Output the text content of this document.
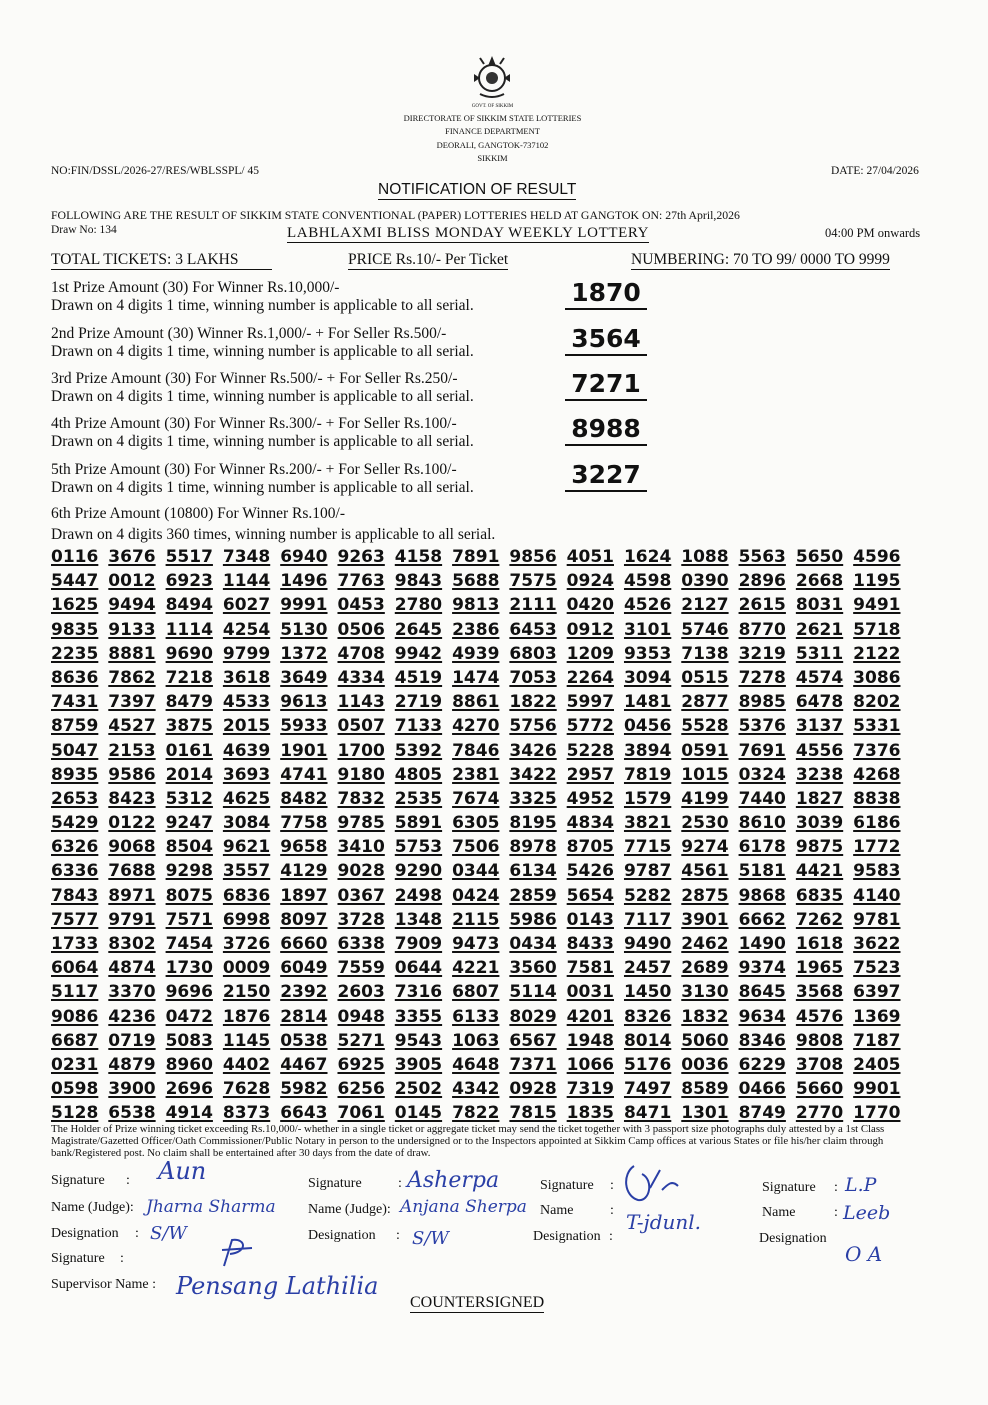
GOVT. OF SIKKIM
DIRECTORATE OF SIKKIM STATE LOTTERIES
FINANCE DEPARTMENT
DEORALI, GANGTOK-737102
SIKKIM
NO:FIN/DSSL/2026-27/RES/WBLSSPL/ 45	DATE: 27/04/2026
NOTIFICATION OF RESULT
FOLLOWING ARE THE RESULT OF SIKKIM STATE CONVENTIONAL (PAPER) LOTTERIES HELD AT GANGTOK ON: 27th April,2026
Draw No: 134	LABHLAXMI BLISS MONDAY WEEKLY LOTTERY	04:00 PM onwards
TOTAL TICKETS: 3 LAKHS	PRICE Rs.10/- Per Ticket	NUMBERING: 70 TO 99/ 0000 TO 9999
1st Prize Amount (30) For Winner Rs.10,000/-
Drawn on 4 digits 1 time, winning number is applicable to all serial.	1870
2nd Prize Amount (30) Winner Rs.1,000/- + For Seller Rs.500/-
Drawn on 4 digits 1 time, winning number is applicable to all serial.	3564
3rd Prize Amount (30) For Winner Rs.500/- + For Seller Rs.250/-
Drawn on 4 digits 1 time, winning number is applicable to all serial.	7271
4th Prize Amount (30) For Winner Rs.300/- + For Seller Rs.100/-
Drawn on 4 digits 1 time, winning number is applicable to all serial.	8988
5th Prize Amount (30) For Winner Rs.200/- + For Seller Rs.100/-
Drawn on 4 digits 1 time, winning number is applicable to all serial.	3227
6th Prize Amount (10800) For Winner Rs.100/-
Drawn on 4 digits 360 times, winning number is applicable to all serial.
0116 3676 5517 7348 6940 9263 4158 7891 9856 4051 1624 1088 5563 5650 4596
5447 0012 6923 1144 1496 7763 9843 5688 7575 0924 4598 0390 2896 2668 1195
1625 9494 8494 6027 9991 0453 2780 9813 2111 0420 4526 2127 2615 8031 9491
9835 9133 1114 4254 5130 0506 2645 2386 6453 0912 3101 5746 8770 2621 5718
2235 8881 9690 9799 1372 4708 9942 4939 6803 1209 9353 7138 3219 5311 2122
8636 7862 7218 3618 3649 4334 4519 1474 7053 2264 3094 0515 7278 4574 3086
7431 7397 8479 4533 9613 1143 2719 8861 1822 5997 1481 2877 8985 6478 8202
8759 4527 3875 2015 5933 0507 7133 4270 5756 5772 0456 5528 5376 3137 5331
5047 2153 0161 4639 1901 1700 5392 7846 3426 5228 3894 0591 7691 4556 7376
8935 9586 2014 3693 4741 9180 4805 2381 3422 2957 7819 1015 0324 3238 4268
2653 8423 5312 4625 8482 7832 2535 7674 3325 4952 1579 4199 7440 1827 8838
5429 0122 9247 3084 7758 9785 5891 6305 8195 4834 3821 2530 8610 3039 6186
6326 9068 8504 9621 9658 3410 5753 7506 8978 8705 7715 9274 6178 9875 1772
6336 7688 9298 3557 4129 9028 9290 0344 6134 5426 9787 4561 5181 4421 9583
7843 8971 8075 6836 1897 0367 2498 0424 2859 5654 5282 2875 9868 6835 4140
7577 9791 7571 6998 8097 3728 1348 2115 5986 0143 7117 3901 6662 7262 9781
1733 8302 7454 3726 6660 6338 7909 9473 0434 8433 9490 2462 1490 1618 3622
6064 4874 1730 0009 6049 7559 0644 4221 3560 7581 2457 2689 9374 1965 7523
5117 3370 9696 2150 2392 2603 7316 6807 5114 0031 1450 3130 8645 3568 6397
9086 4236 0472 1876 2814 0948 3355 6133 8029 4201 8326 1832 9634 4576 1369
6687 0719 5083 1145 0538 5271 9543 1063 6567 1948 8014 5060 8346 9808 7187
0231 4879 8960 4402 4467 6925 3905 4648 7371 1066 5176 0036 6229 3708 2405
0598 3900 2696 7628 5982 6256 2502 4342 0928 7319 7497 8589 0466 5660 9901
5128 6538 4914 8373 6643 7061 0145 7822 7815 1835 8471 1301 8749 2770 1770
The Holder of Prize winning ticket exceeding Rs.10,000/- whether in a single ticket or aggregate ticket may send the ticket together with 3 passport size photographs duly attested by a 1st Class Magistrate/Gazetted Officer/Oath Commissioner/Public Notary in person to the undersigned or to the Inspectors appointed at Sikkim Camp offices at various States or file his/her claim through bank/Registered post. No claim shall be entertained after 30 days from the date of draw.
Signature : Aun
Name (Judge): Jharna Sharma
Designation : S/W
Signature	: Asherpa
Name (Judge): Anjana Sherpa
Designation : S/W
Signature :
Name	:
Designation :
T-jdunl.
Signature : L.P
Name	: Leeb
Designation
O A
Signature :
Supervisor Name : Pensang Lathilia
COUNTERSIGNED
